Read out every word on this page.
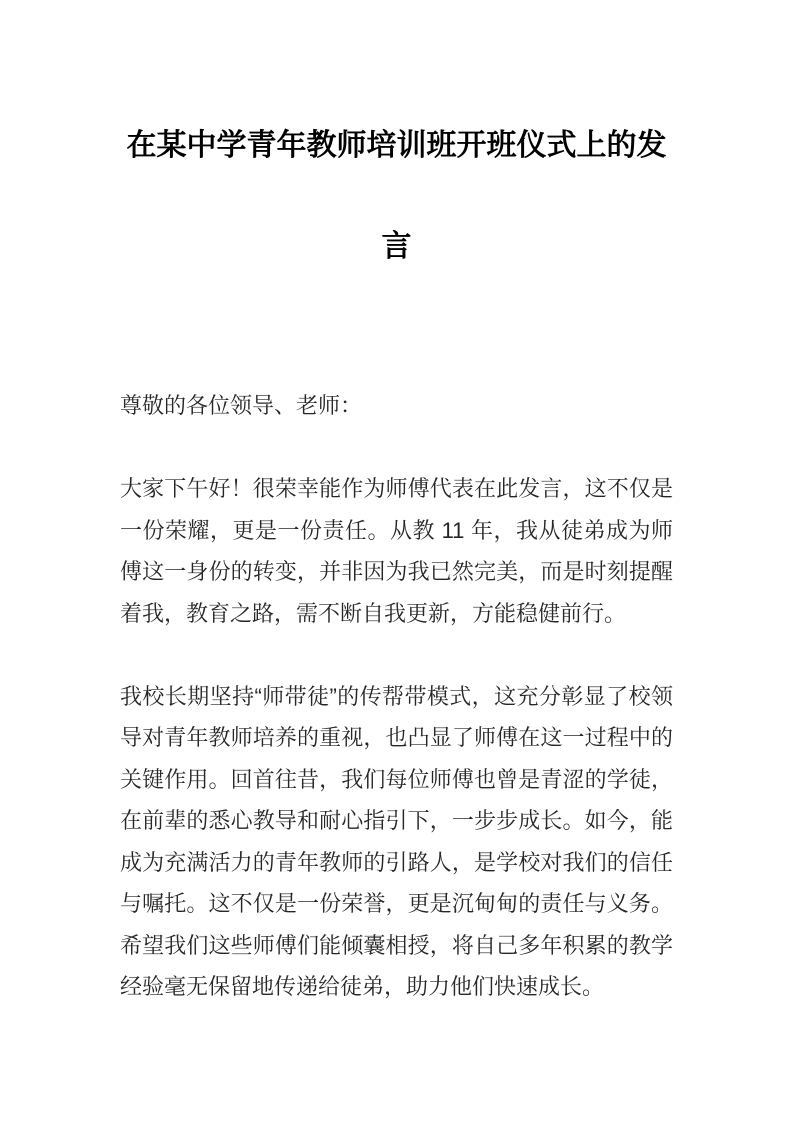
在某中学青年教师培训班开班仪式上的发言

尊敬的各位领导、老师：

大家下午好！很荣幸能作为师傅代表在此发言，这不仅是一份荣耀，更是一份责任。从教 11 年，我从徒弟成为师傅这一身份的转变，并非因为我已然完美，而是时刻提醒着我，教育之路，需不断自我更新，方能稳健前行。

我校长期坚持“师带徒”的传帮带模式，这充分彰显了校领导对青年教师培养的重视，也凸显了师傅在这一过程中的关键作用。回首往昔，我们每位师傅也曾是青涩的学徒，在前辈的悉心教导和耐心指引下，一步步成长。如今，能成为充满活力的青年教师的引路人，是学校对我们的信任与嘱托。这不仅是一份荣誉，更是沉甸甸的责任与义务。希望我们这些师傅们能倾囊相授，将自己多年积累的教学经验毫无保留地传递给徒弟，助力他们快速成长。
